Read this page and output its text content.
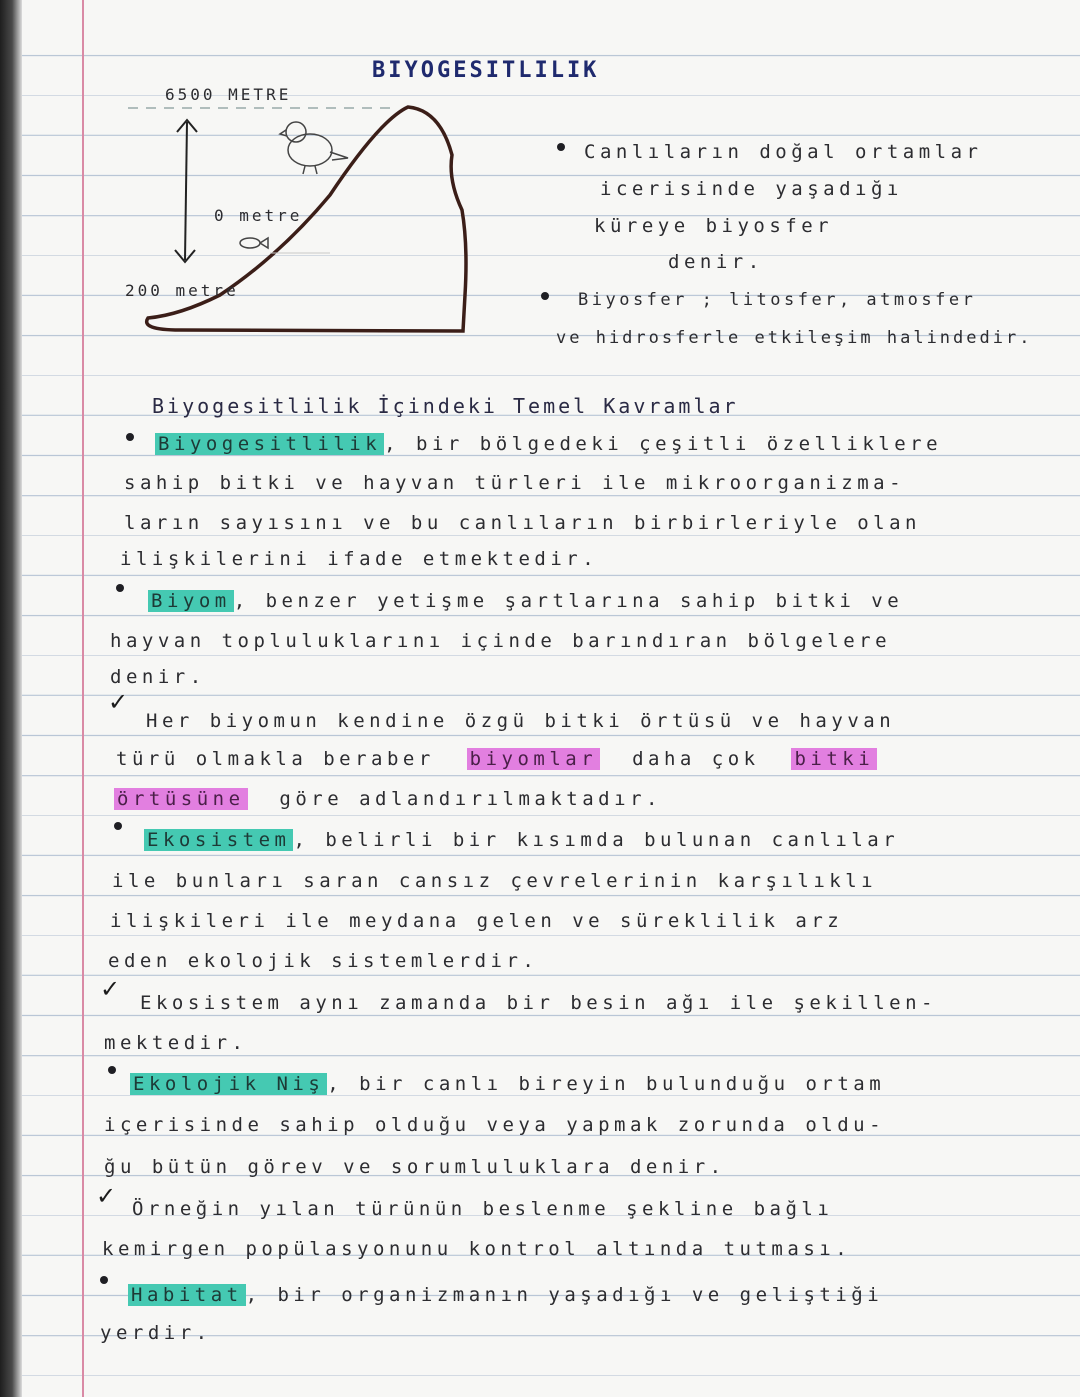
BIYOGESITLILIK
6500 METRE
0 metre
200 metre
Canlıların doğal ortamlar
icerisinde yaşadığı
küreye biyosfer
denir.
Biyosfer ; litosfer, atmosfer
ve hidrosferle etkileşim halindedir.
Biyogesitlilik İçindeki Temel Kavramlar
Biyogesitlilik , bir bölgedeki çeşitli özelliklere
sahip bitki ve hayvan türleri ile mikroorganizma-
ların sayısını ve bu canlıların birbirleriyle olan
ilişkilerini ifade etmektedir.
Biyom , benzer yetişme şartlarına sahip bitki ve
hayvan topluluklarını içinde barındıran bölgelere
denir.
✓
Her biyomun kendine özgü bitki örtüsü ve hayvan
türü olmakla beraber biyomlar daha çok bitki
örtüsüne göre adlandırılmaktadır.
Ekosistem , belirli bir kısımda bulunan canlılar
ile bunları saran cansız çevrelerinin karşılıklı
ilişkileri ile meydana gelen ve süreklilik arz
eden ekolojik sistemlerdir.
✓ Ekosistem aynı zamanda bir besin ağı ile şekillen-
mektedir.
Ekolojik Niş , bir canlı bireyin bulunduğu ortam
içerisinde sahip olduğu veya yapmak zorunda oldu-
ğu bütün görev ve sorumluluklara denir.
✓ Örneğin yılan türünün beslenme şekline bağlı
kemirgen popülasyonunu kontrol altında tutması.
Habitat , bir organizmanın yaşadığı ve geliştiği
yerdir.
